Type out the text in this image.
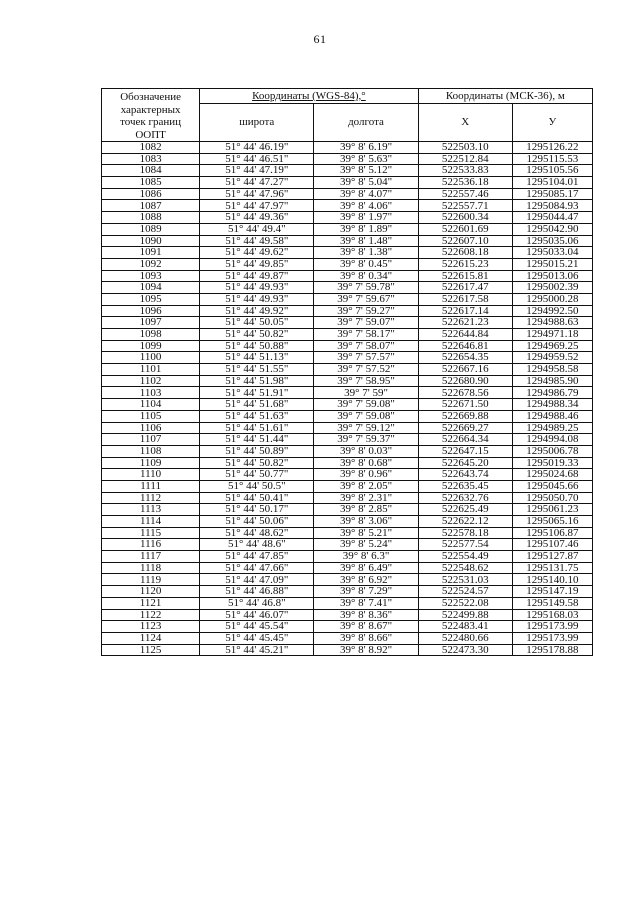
61
Обозначение
характерных
точек границ
ООПТ	Координаты (WGS-84),°		Координаты (МСК-36), м	
	широта	долгота	X	У
1082	51° 44' 46.19"	39° 8' 6.19"	522503.10	1295126.22
1083	51° 44' 46.51"	39° 8' 5.63"	522512.84	1295115.53
1084	51° 44' 47.19"	39° 8' 5.12"	522533.83	1295105.56
1085	51° 44' 47.27"	39° 8' 5.04"	522536.18	1295104.01
1086	51° 44' 47.96"	39° 8' 4.07"	522557.46	1295085.17
1087	51° 44' 47.97"	39° 8' 4.06"	522557.71	1295084.93
1088	51° 44' 49.36"	39° 8' 1.97"	522600.34	1295044.47
1089	51° 44' 49.4"	39° 8' 1.89"	522601.69	1295042.90
1090	51° 44' 49.58"	39° 8' 1.48"	522607.10	1295035.06
1091	51° 44' 49.62"	39° 8' 1.38"	522608.18	1295033.04
1092	51° 44' 49.85"	39° 8' 0.45"	522615.23	1295015.21
1093	51° 44' 49.87"	39° 8' 0.34"	522615.81	1295013.06
1094	51° 44' 49.93"	39° 7' 59.78"	522617.47	1295002.39
1095	51° 44' 49.93"	39° 7' 59.67"	522617.58	1295000.28
1096	51° 44' 49.92"	39° 7' 59.27"	522617.14	1294992.50
1097	51° 44' 50.05"	39° 7' 59.07"	522621.23	1294988.63
1098	51° 44' 50.82"	39° 7' 58.17"	522644.84	1294971.18
1099	51° 44' 50.88"	39° 7' 58.07"	522646.81	1294969.25
1100	51° 44' 51.13"	39° 7' 57.57"	522654.35	1294959.52
1101	51° 44' 51.55"	39° 7' 57.52"	522667.16	1294958.58
1102	51° 44' 51.98"	39° 7' 58.95"	522680.90	1294985.90
1103	51° 44' 51.91"	39° 7' 59"	522678.56	1294986.79
1104	51° 44' 51.68"	39° 7' 59.08"	522671.50	1294988.34
1105	51° 44' 51.63"	39° 7' 59.08"	522669.88	1294988.46
1106	51° 44' 51.61"	39° 7' 59.12"	522669.27	1294989.25
1107	51° 44' 51.44"	39° 7' 59.37"	522664.34	1294994.08
1108	51° 44' 50.89"	39° 8' 0.03"	522647.15	1295006.78
1109	51° 44' 50.82"	39° 8' 0.68"	522645.20	1295019.33
1110	51° 44' 50.77"	39° 8' 0.96"	522643.74	1295024.68
1111	51° 44' 50.5"	39° 8' 2.05"	522635.45	1295045.66
1112	51° 44' 50.41"	39° 8' 2.31"	522632.76	1295050.70
1113	51° 44' 50.17"	39° 8' 2.85"	522625.49	1295061.23
1114	51° 44' 50.06"	39° 8' 3.06"	522622.12	1295065.16
1115	51° 44' 48.62"	39° 8' 5.21"	522578.18	1295106.87
1116	51° 44' 48.6"	39° 8' 5.24"	522577.54	1295107.46
1117	51° 44' 47.85"	39° 8' 6.3"	522554.49	1295127.87
1118	51° 44' 47.66"	39° 8' 6.49"	522548.62	1295131.75
1119	51° 44' 47.09"	39° 8' 6.92"	522531.03	1295140.10
1120	51° 44' 46.88"	39° 8' 7.29"	522524.57	1295147.19
1121	51° 44' 46.8"	39° 8' 7.41"	522522.08	1295149.58
1122	51° 44' 46.07"	39° 8' 8.36"	522499.88	1295168.03
1123	51° 44' 45.54"	39° 8' 8.67"	522483.41	1295173.99
1124	51° 44' 45.45"	39° 8' 8.66"	522480.66	1295173.99
1125	51° 44' 45.21"	39° 8' 8.92"	522473.30	1295178.88
